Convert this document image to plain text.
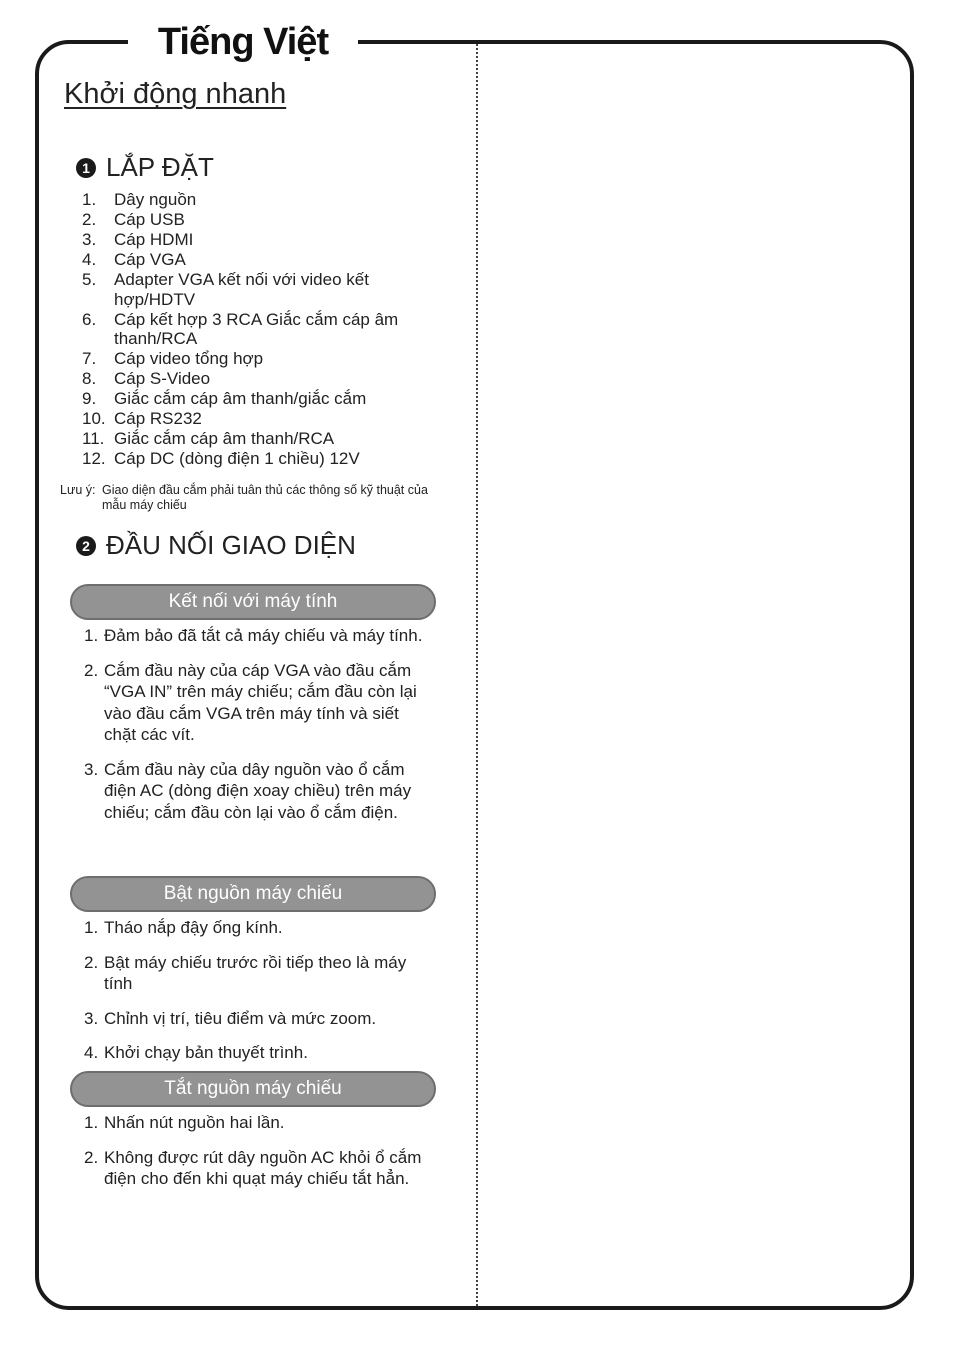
Tiếng Việt
Khởi động nhanh
1 LẮP ĐẶT
1.	Dây nguồn
2.	Cáp USB
3.	Cáp HDMI
4.	Cáp VGA
5.	Adapter VGA kết nối với video kết hợp/HDTV
6.	Cáp kết hợp 3 RCA Giắc cắm cáp âm thanh/RCA
7.	Cáp video tổng hợp
8.	Cáp S-Video
9.	Giắc cắm cáp âm thanh/giắc cắm
10. Cáp RS232
11. Giắc cắm cáp âm thanh/RCA
12. Cáp DC (dòng điện 1 chiều) 12V
Lưu ý: Giao diện đầu cắm phải tuân thủ các thông số kỹ thuật của mẫu máy chiếu
2 ĐẦU NỐI GIAO DIỆN
Kết nối với máy tính
1. Đảm bảo đã tắt cả máy chiếu và máy tính.
2. Cắm đầu này của cáp VGA vào đầu cắm “VGA IN” trên máy chiếu; cắm đầu còn lại vào đầu cắm VGA trên máy tính và siết chặt các vít.
3. Cắm đầu này của dây nguồn vào ổ cắm điện AC (dòng điện xoay chiều) trên máy chiếu; cắm đầu còn lại vào ổ cắm điện.
Bật nguồn máy chiếu
1. Tháo nắp đậy ống kính.
2. Bật máy chiếu trước rồi tiếp theo là máy tính
3. Chỉnh vị trí, tiêu điểm và mức zoom.
4. Khởi chạy bản thuyết trình.
Tắt nguồn máy chiếu
1. Nhấn nút nguồn hai lần.
2. Không được rút dây nguồn AC khỏi ổ cắm điện cho đến khi quạt máy chiếu tắt hẳn.
